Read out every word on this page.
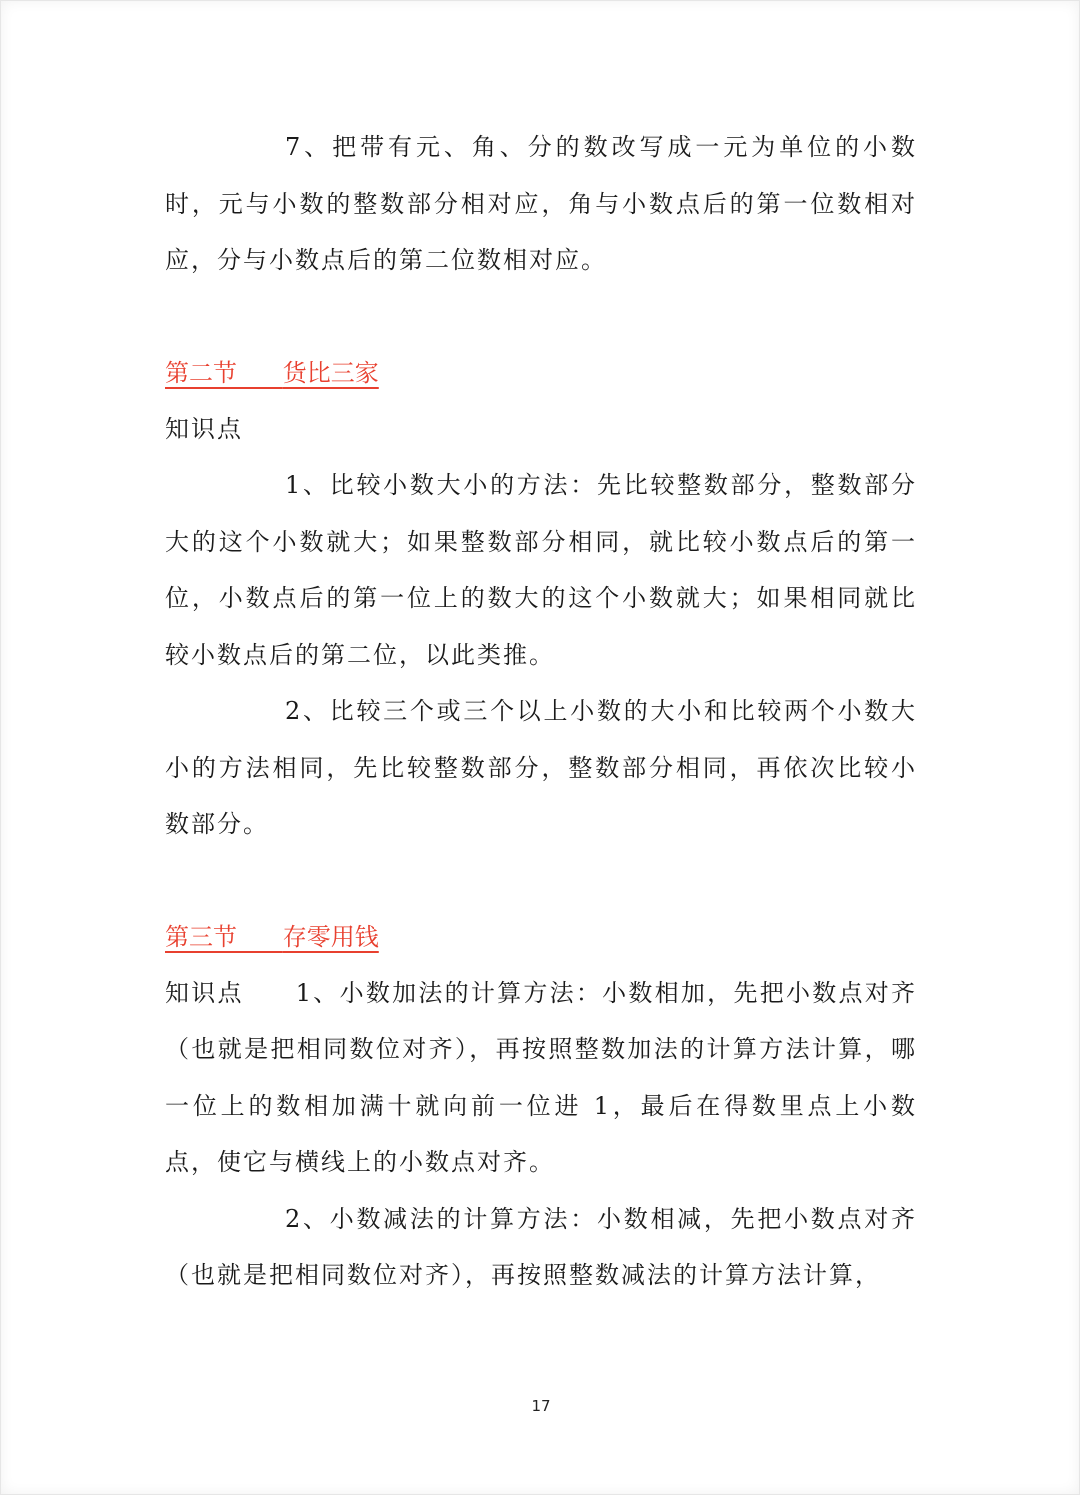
7、把带有元、角、分的数改写成一元为单位的小数时，元与小数的整数部分相对应，角与小数点后的第一位数相对应，分与小数点后的第二位数相对应。

第二节 货比三家

知识点

1、比较小数大小的方法：先比较整数部分，整数部分大的这个小数就大；如果整数部分相同，就比较小数点后的第一位，小数点后的第一位上的数大的这个小数就大；如果相同就比较小数点后的第二位，以此类推。

2、比较三个或三个以上小数的大小和比较两个小数大小的方法相同，先比较整数部分，整数部分相同，再依次比较小数部分。

第三节 存零用钱

知识点   1、小数加法的计算方法：小数相加，先把小数点对齐（也就是把相同数位对齐），再按照整数加法的计算方法计算，哪一位上的数相加满十就向前一位进 1，最后在得数里点上小数点，使它与横线上的小数点对齐。

2、小数减法的计算方法：小数相减，先把小数点对齐（也就是把相同数位对齐），再按照整数减法的计算方法计算，

17
